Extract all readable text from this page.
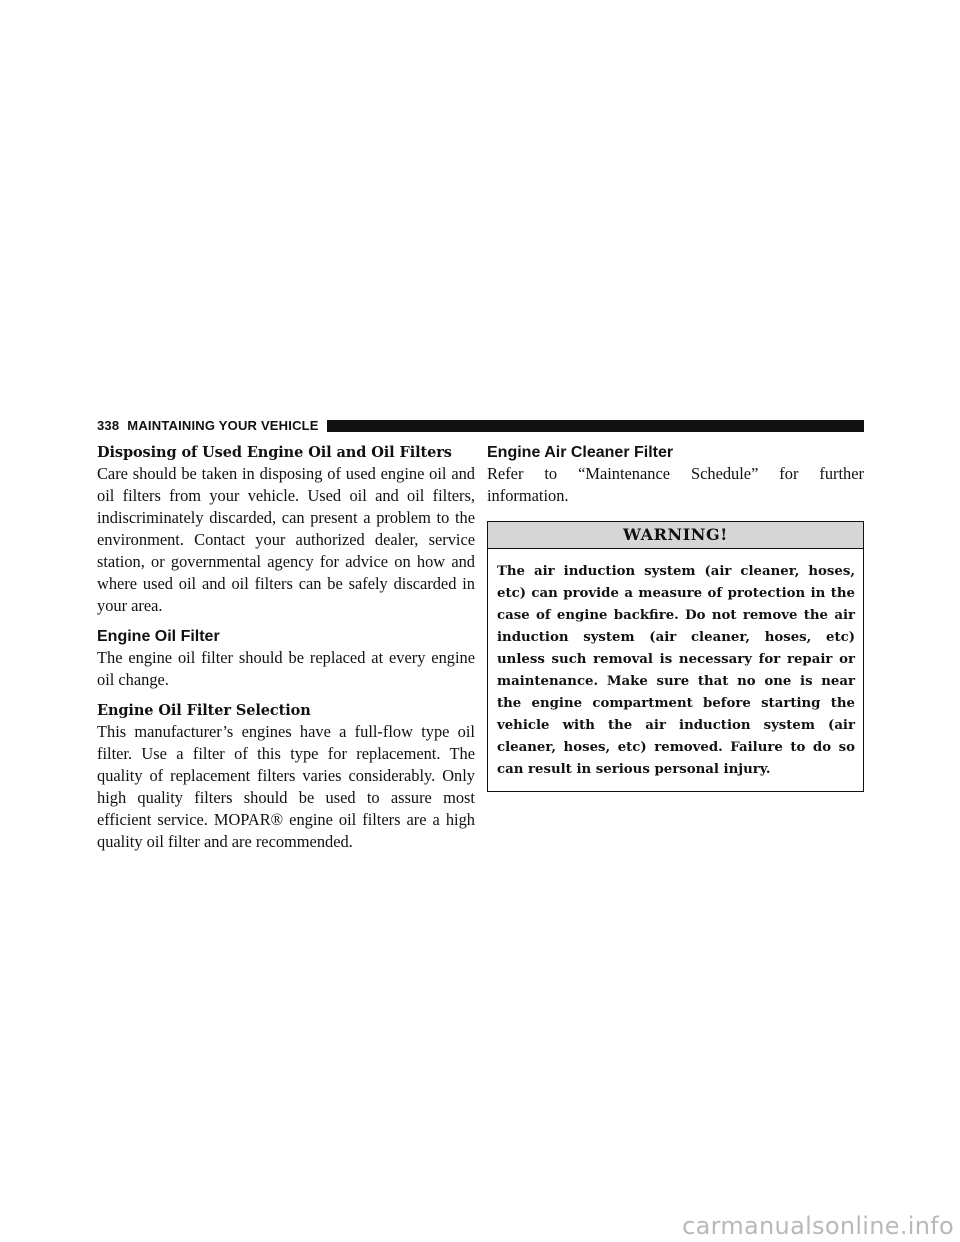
338 MAINTAINING YOUR VEHICLE
Disposing of Used Engine Oil and Oil Filters

Care should be taken in disposing of used engine oil and oil filters from your vehicle. Used oil and oil filters, indiscriminately discarded, can present a problem to the environment. Contact your authorized dealer, service station, or governmental agency for advice on how and where used oil and oil filters can be safely discarded in your area.

Engine Oil Filter

The engine oil filter should be replaced at every engine oil change.

Engine Oil Filter Selection

This manufacturer’s engines have a full-flow type oil filter. Use a filter of this type for replacement. The quality of replacement filters varies considerably. Only high quality filters should be used to assure most efficient service. MOPAR® engine oil filters are a high quality oil filter and are recommended.

Engine Air Cleaner Filter

Refer to “Maintenance Schedule” for further information.

WARNING!
The air induction system (air cleaner, hoses, etc) can provide a measure of protection in the case of engine backfire. Do not remove the air induction system (air cleaner, hoses, etc) unless such removal is necessary for repair or maintenance. Make sure that no one is near the engine compartment before starting the vehicle with the air induction system (air cleaner, hoses, etc) removed. Failure to do so can result in serious personal injury.
carmanualsonline.info
